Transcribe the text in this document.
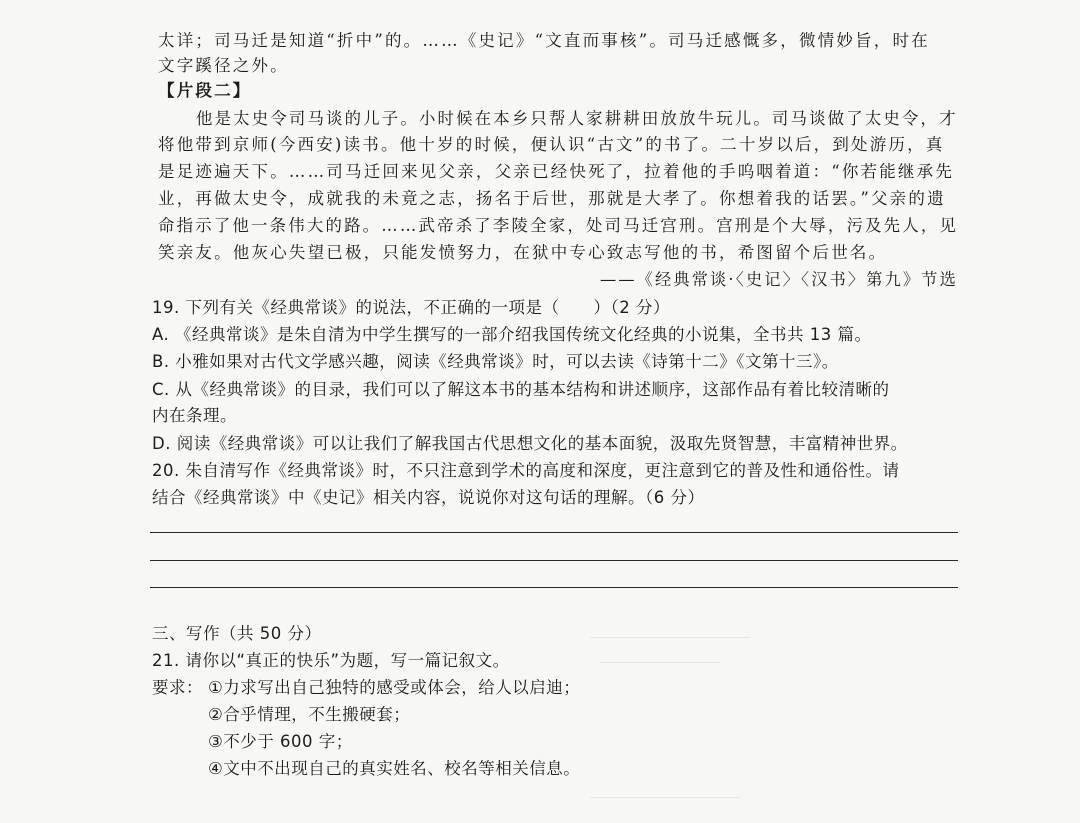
太详；司马迁是知道“折中”的。……《史记》“文直而事核”。司马迁感慨多，微情妙旨，时在
文字蹊径之外。
【片段二】
他是太史令司马谈的儿子。小时候在本乡只帮人家耕耕田放放牛玩儿。司马谈做了太史令，才
将他带到京师(今西安)读书。他十岁的时候，便认识“古文”的书了。二十岁以后，到处游历，真
是足迹遍天下。……司马迁回来见父亲，父亲已经快死了，拉着他的手呜咽着道：“你若能继承先
业，再做太史令，成就我的未竟之志，扬名于后世，那就是大孝了。你想着我的话罢。”父亲的遗
命指示了他一条伟大的路。……武帝杀了李陵全家，处司马迁宫刑。宫刑是个大辱，污及先人，见
笑亲友。他灰心失望已极，只能发愤努力，在狱中专心致志写他的书，希图留个后世名。
——《经典常谈·〈史记〉〈汉书〉第九》节选
19. 下列有关《经典常谈》的说法，不正确的一项是（　　）（2 分）
A. 《经典常谈》是朱自清为中学生撰写的一部介绍我国传统文化经典的小说集，全书共 13 篇。
B. 小雅如果对古代文学感兴趣，阅读《经典常谈》时，可以去读《诗第十二》《文第十三》。
C. 从《经典常谈》的目录，我们可以了解这本书的基本结构和讲述顺序，这部作品有着比较清晰的
内在条理。
D. 阅读《经典常谈》可以让我们了解我国古代思想文化的基本面貌，汲取先贤智慧，丰富精神世界。
20. 朱自清写作《经典常谈》时，不只注意到学术的高度和深度，更注意到它的普及性和通俗性。请
结合《经典常谈》中《史记》相关内容，说说你对这句话的理解。（6 分）
三、写作（共 50 分）
21. 请你以“真正的快乐”为题，写一篇记叙文。
要求： ①力求写出自己独特的感受或体会，给人以启迪；
②合乎情理，不生搬硬套；
③不少于 600 字；
④文中不出现自己的真实姓名、校名等相关信息。
